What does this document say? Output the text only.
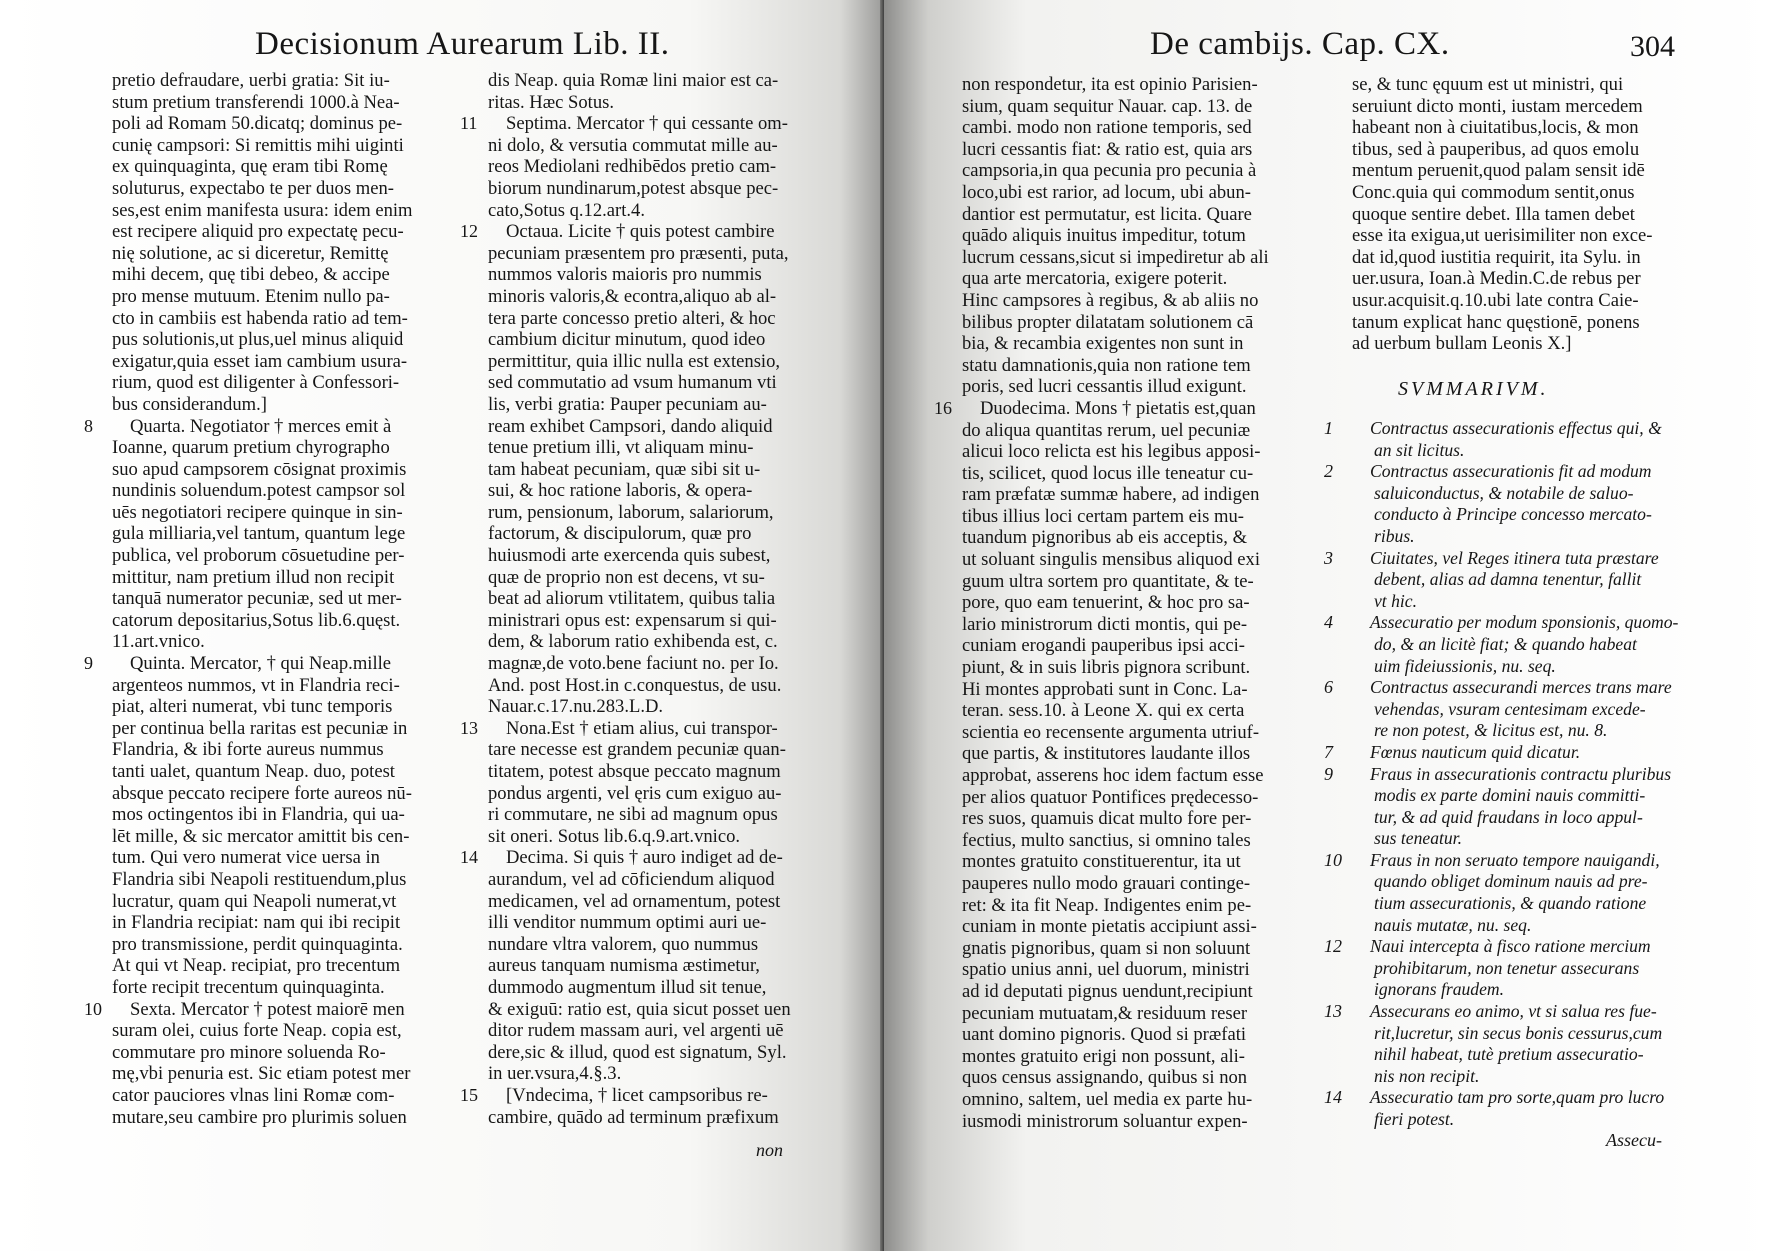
Decisionum Aurearum Lib. II.
pretio defraudare, uerbi gratia: Sit iu-
stum pretium transferendi 1000.à Nea-
poli ad Romam 50.dicatq; dominus pe-
cunię campsori: Si remittis mihi uiginti
ex quinquaginta, quę eram tibi Romę
soluturus, expectabo te per duos men-
ses,est enim manifesta usura: idem enim
est recipere aliquid pro expectatę pecu-
nię solutione, ac si diceretur, Remittę
mihi decem, quę tibi debeo, & accipe
pro mense mutuum. Etenim nullo pa-
cto in cambiis est habenda ratio ad tem-
pus solutionis,ut plus,uel minus aliquid
exigatur,quia esset iam cambium usura-
rium, quod est diligenter à Confessori-
bus considerandum.]
8 Quarta. Negotiator † merces emit à
Ioanne, quarum pretium chyrographo
suo apud campsorem cōsignat proximis
nundinis soluendum.potest campsor sol
uēs negotiatori recipere quinque in sin-
gula milliaria,vel tantum, quantum lege
publica, vel proborum cōsuetudine per-
mittitur, nam pretium illud non recipit
tanquā numerator pecuniæ, sed ut mer-
catorum depositarius,Sotus lib.6.quęst.
11.art.vnico.
9 Quinta. Mercator, † qui Neap.mille
argenteos nummos, vt in Flandria reci-
piat, alteri numerat, vbi tunc temporis
per continua bella raritas est pecuniæ in
Flandria, & ibi forte aureus nummus
tanti ualet, quantum Neap. duo, potest
absque peccato recipere forte aureos nū-
mos octingentos ibi in Flandria, qui ua-
lēt mille, & sic mercator amittit bis cen-
tum. Qui vero numerat vice uersa in
Flandria sibi Neapoli restituendum,plus
lucratur, quam qui Neapoli numerat,vt
in Flandria recipiat: nam qui ibi recipit
pro transmissione, perdit quinquaginta.
At qui vt Neap. recipiat, pro trecentum
forte recipit trecentum quinquaginta.
10 Sexta. Mercator † potest maiorē men
suram olei, cuius forte Neap. copia est,
commutare pro minore soluenda Ro-
mę,vbi penuria est. Sic etiam potest mer
cator pauciores vlnas lini Romæ com-
mutare,seu cambire pro plurimis soluen
dis Neap. quia Romæ lini maior est ca-
ritas. Hæc Sotus.
11 Septima. Mercator † qui cessante om-
ni dolo, & versutia commutat mille au-
reos Mediolani redhibēdos pretio cam-
biorum nundinarum,potest absque pec-
cato,Sotus q.12.art.4.
12 Octaua. Licite † quis potest cambire
pecuniam præsentem pro præsenti, puta,
nummos valoris maioris pro nummis
minoris valoris,& econtra,aliquo ab al-
tera parte concesso pretio alteri, & hoc
cambium dicitur minutum, quod ideo
permittitur, quia illic nulla est extensio,
sed commutatio ad vsum humanum vti
lis, verbi gratia: Pauper pecuniam au-
ream exhibet Campsori, dando aliquid
tenue pretium illi, vt aliquam minu-
tam habeat pecuniam, quæ sibi sit u-
sui, & hoc ratione laboris, & opera-
rum, pensionum, laborum, salariorum,
factorum, & discipulorum, quæ pro
huiusmodi arte exercenda quis subest,
quæ de proprio non est decens, vt su-
beat ad aliorum vtilitatem, quibus talia
ministrari opus est: expensarum si qui-
dem, & laborum ratio exhibenda est, c.
magnæ,de voto.bene faciunt no. per Io.
And. post Host.in c.conquestus, de usu.
Nauar.c.17.nu.283.L.D.
13 Nona.Est † etiam alius, cui transpor-
tare necesse est grandem pecuniæ quan-
titatem, potest absque peccato magnum
pondus argenti, vel ęris cum exiguo au-
ri commutare, ne sibi ad magnum opus
sit oneri. Sotus lib.6.q.9.art.vnico.
14 Decima. Si quis † auro indiget ad de-
aurandum, vel ad cōficiendum aliquod
medicamen, vel ad ornamentum, potest
illi venditor nummum optimi auri ue-
nundare vltra valorem, quo nummus
aureus tanquam numisma æstimetur,
dummodo augmentum illud sit tenue,
& exiguū: ratio est, quia sicut posset uen
ditor rudem massam auri, vel argenti uē
dere,sic & illud, quod est signatum, Syl.
in uer.vsura,4.§.3.
15 [Vndecima, † licet campsoribus re-
cambire, quādo ad terminum præfixum
non
De cambijs. Cap. CX.	304
non respondetur, ita est opinio Parisien-
sium, quam sequitur Nauar. cap. 13. de
cambi. modo non ratione temporis, sed
lucri cessantis fiat: & ratio est, quia ars
campsoria,in qua pecunia pro pecunia à
loco,ubi est rarior, ad locum, ubi abun-
dantior est permutatur, est licita. Quare
quādo aliquis inuitus impeditur, totum
lucrum cessans,sicut si impediretur ab ali
qua arte mercatoria, exigere poterit.
Hinc campsores à regibus, & ab aliis no
bilibus propter dilatatam solutionem cā
bia, & recambia exigentes non sunt in
statu damnationis,quia non ratione tem
poris, sed lucri cessantis illud exigunt.
16 Duodecima. Mons † pietatis est,quan
do aliqua quantitas rerum, uel pecuniæ
alicui loco relicta est his legibus apposi-
tis, scilicet, quod locus ille teneatur cu-
ram præfatæ summæ habere, ad indigen
tibus illius loci certam partem eis mu-
tuandum pignoribus ab eis acceptis, &
ut soluant singulis mensibus aliquod exi
guum ultra sortem pro quantitate, & te-
pore, quo eam tenuerint, & hoc pro sa-
lario ministrorum dicti montis, qui pe-
cuniam erogandi pauperibus ipsi acci-
piunt, & in suis libris pignora scribunt.
Hi montes approbati sunt in Conc. La-
teran. sess.10. à Leone X. qui ex certa
scientia eo recensente argumenta utriuf-
que partis, & institutores laudante illos
approbat, asserens hoc idem factum esse
per alios quatuor Pontifices prędecesso-
res suos, quamuis dicat multo fore per-
fectius, multo sanctius, si omnino tales
montes gratuito constituerentur, ita ut
pauperes nullo modo grauari continge-
ret: & ita fit Neap. Indigentes enim pe-
cuniam in monte pietatis accipiunt assi-
gnatis pignoribus, quam si non soluunt
spatio unius anni, uel duorum, ministri
ad id deputati pignus uendunt,recipiunt
pecuniam mutuatam,& residuum reser
uant domino pignoris. Quod si præfati
montes gratuito erigi non possunt, ali-
quos census assignando, quibus si non
omnino, saltem, uel media ex parte hu-
iusmodi ministrorum soluantur expen-
se, & tunc ęquum est ut ministri, qui
seruiunt dicto monti, iustam mercedem
habeant non à ciuitatibus,locis, & mon
tibus, sed à pauperibus, ad quos emolu
mentum peruenit,quod palam sensit idē
Conc.quia qui commodum sentit,onus
quoque sentire debet. Illa tamen debet
esse ita exigua,ut uerisimiliter non exce-
dat id,quod iustitia requirit, ita Sylu. in
uer.usura, Ioan.à Medin.C.de rebus per
usur.acquisit.q.10.ubi late contra Caie-
tanum explicat hanc quęstionē, ponens
ad uerbum bullam Leonis X.]
SVMMARIVM.
1 Contractus assecurationis effectus qui, &
an sit licitus.
2 Contractus assecurationis fit ad modum
saluiconductus, & notabile de saluo-
conducto à Principe concesso mercato-
ribus.
3 Ciuitates, vel Reges itinera tuta præstare
debent, alias ad damna tenentur, fallit
vt hic.
4 Assecuratio per modum sponsionis, quomo-
do, & an licitè fiat; & quando habeat
uim fideiussionis, nu. seq.
6 Contractus assecurandi merces trans mare
vehendas, vsuram centesimam excede-
re non potest, & licitus est, nu. 8.
7 Fœnus nauticum quid dicatur.
9 Fraus in assecurationis contractu pluribus
modis ex parte domini nauis committi-
tur, & ad quid fraudans in loco appul-
sus teneatur.
10 Fraus in non seruato tempore nauigandi,
quando obliget dominum nauis ad pre-
tium assecurationis, & quando ratione
nauis mutatæ, nu. seq.
12 Naui intercepta à fisco ratione mercium
prohibitarum, non tenetur assecurans
ignorans fraudem.
13 Assecurans eo animo, vt si salua res fue-
rit,lucretur, sin secus bonis cessurus,cum
nihil habeat, tutè pretium assecuratio-
nis non recipit.
14 Assecuratio tam pro sorte,quam pro lucro
fieri potest.
Assecu-
